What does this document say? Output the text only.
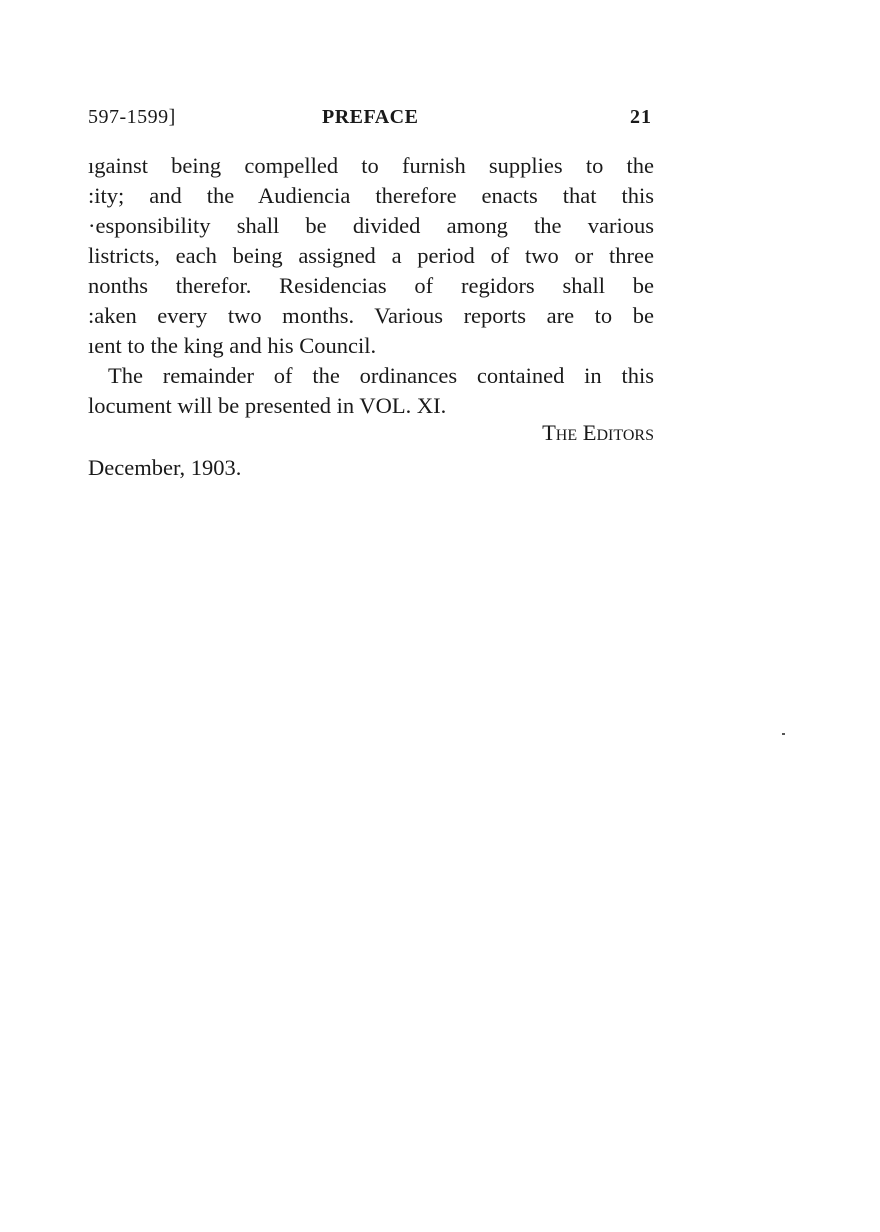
597-1599]	PREFACE	21
ıgainst being compelled to furnish supplies to the
:ity; and the Audiencia therefore enacts that this
·esponsibility shall be divided among the various
listricts, each being assigned a period of two or three
nonths therefor. Residencias of regidors shall be
:aken every two months. Various reports are to be
ıent to the king and his Council.
The remainder of the ordinances contained in this
locument will be presented in VOL. XI.
The Editors
December, 1903.
